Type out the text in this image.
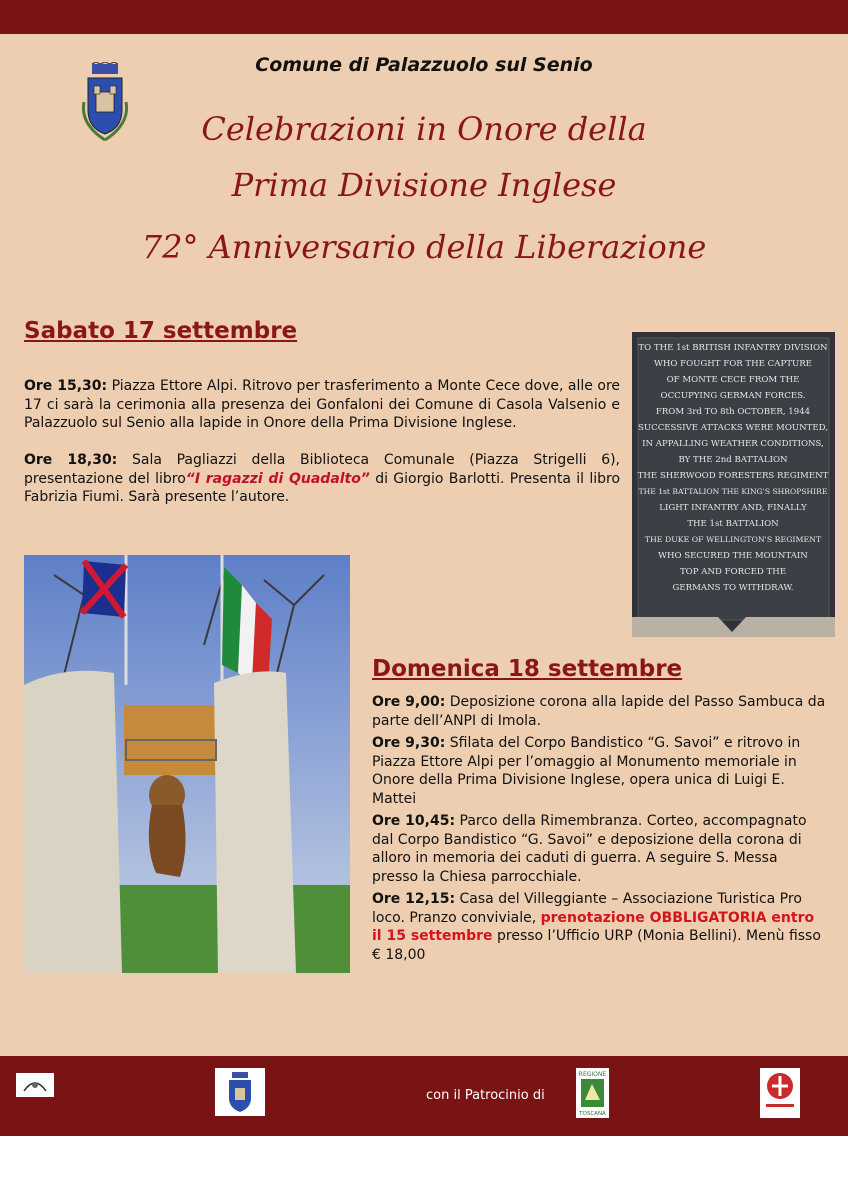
Comune di Palazzuolo sul Senio
Celebrazioni in Onore della
Prima Divisione Inglese
72° Anniversario della Liberazione
Sabato 17 settembre
Ore 15,30: Piazza Ettore Alpi. Ritrovo per trasferimento a Monte Cece dove, alle ore 17 ci sarà la cerimonia alla presenza dei Gonfaloni dei Comune di Casola Valsenio e Palazzuolo sul Senio alla lapide in Onore della Prima Divisione Inglese.
Ore 18,30: Sala Pagliazzi della Biblioteca Comunale (Piazza Strigelli 6), presentazione del libro“I ragazzi di Quadalto” di Giorgio Barlotti. Presenta il libro Fabrizia Fiumi. Sarà presente l’autore.
TO THE 1st BRITISH INFANTRY DIVISION
WHO FOUGHT FOR THE CAPTURE
OF MONTE CECE FROM THE
OCCUPYING GERMAN FORCES.
FROM 3rd TO 8th OCTOBER, 1944
SUCCESSIVE ATTACKS WERE MOUNTED,
IN APPALLING WEATHER CONDITIONS,
BY THE 2nd BATTALION
THE SHERWOOD FORESTERS REGIMENT
THE 1st BATTALION THE KING'S SHROPSHIRE
LIGHT INFANTRY AND, FINALLY
THE 1st BATTALION
THE DUKE OF WELLINGTON'S REGIMENT
WHO SECURED THE MOUNTAIN
TOP AND FORCED THE
GERMANS TO WITHDRAW.
Domenica 18 settembre

Ore 9,00: Deposizione corona alla lapide del Passo Sambuca da parte dell’ANPI di Imola.

Ore 9,30: Sfilata del Corpo Bandistico “G. Savoi” e ritrovo in Piazza Ettore Alpi per l’omaggio al Monumento memoriale in Onore della Prima Divisione Inglese, opera unica di Luigi E. Mattei

Ore 10,45: Parco della Rimembranza. Corteo, accompagnato dal Corpo Bandistico “G. Savoi” e deposizione della corona di alloro in memoria dei caduti di guerra. A seguire S. Messa presso la Chiesa parrocchiale.

Ore 12,15: Casa del Villeggiante – Associazione Turistica Pro loco. Pranzo conviviale, prenotazione OBBLIGATORIA entro il 15 settembre presso l’Ufficio URP (Monia Bellini). Menù fisso € 18,00

con il Patrocinio di
REGIONE
TOSCANA
